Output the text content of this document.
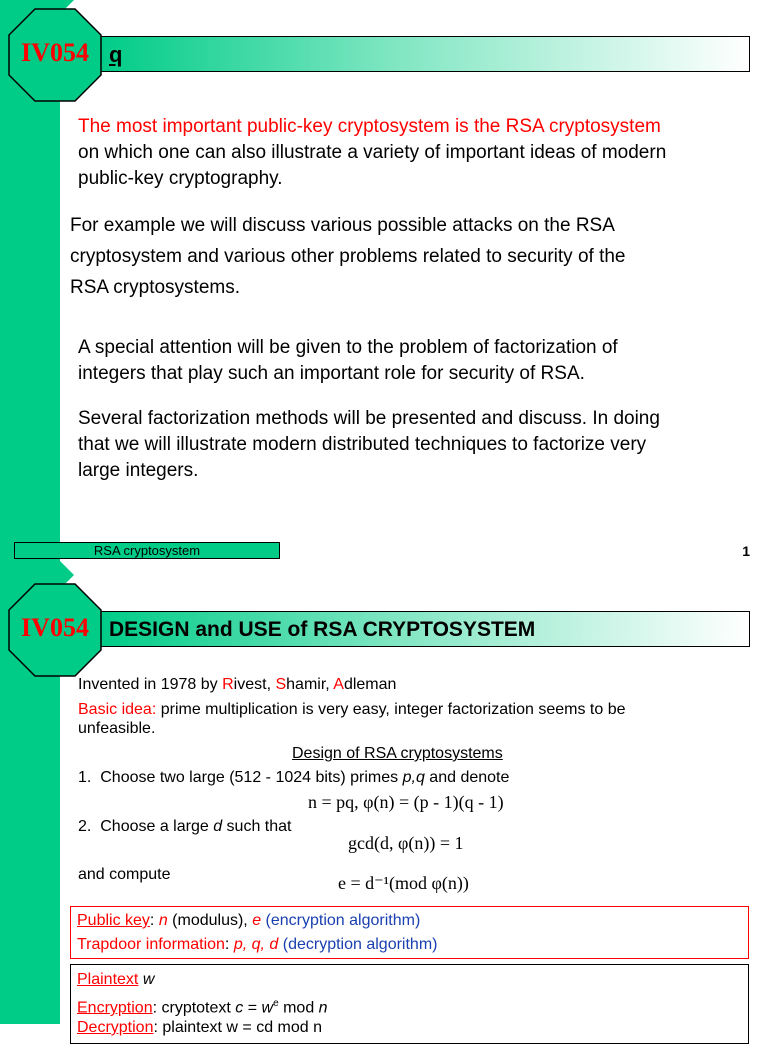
q
IV054
The most important public-key cryptosystem is the RSA cryptosystem
on which one can also illustrate a variety of important ideas of modern
public-key cryptography.
For example we will discuss various possible attacks on the RSA
cryptosystem and various other problems related to security of the
RSA cryptosystems.
A special attention will be given to the problem of factorization of
integers that play such an important role for security of RSA.
Several factorization methods will be presented and discuss. In doing
that we will illustrate modern distributed techniques to factorize very
large integers.
RSA cryptosystem	1
DESIGN and USE of RSA CRYPTOSYSTEM
IV054
Invented in 1978 by Rivest, Shamir, Adleman
Basic idea: prime multiplication is very easy, integer factorization seems to be
unfeasible.
Design of RSA cryptosystems
1. Choose two large (512 - 1024 bits) primes p,q and denote
n = pq, φ(n) = (p - 1)(q - 1)
2. Choose a large d such that
gcd(d, φ(n)) = 1
and compute	e = d⁻¹(mod φ(n))
Public key: n (modulus), e (encryption algorithm)
Trapdoor information: p, q, d (decryption algorithm)
Plaintext w
Encryption: cryptotext $c = w^e$ mod n
Decryption: plaintext w = cd mod n
